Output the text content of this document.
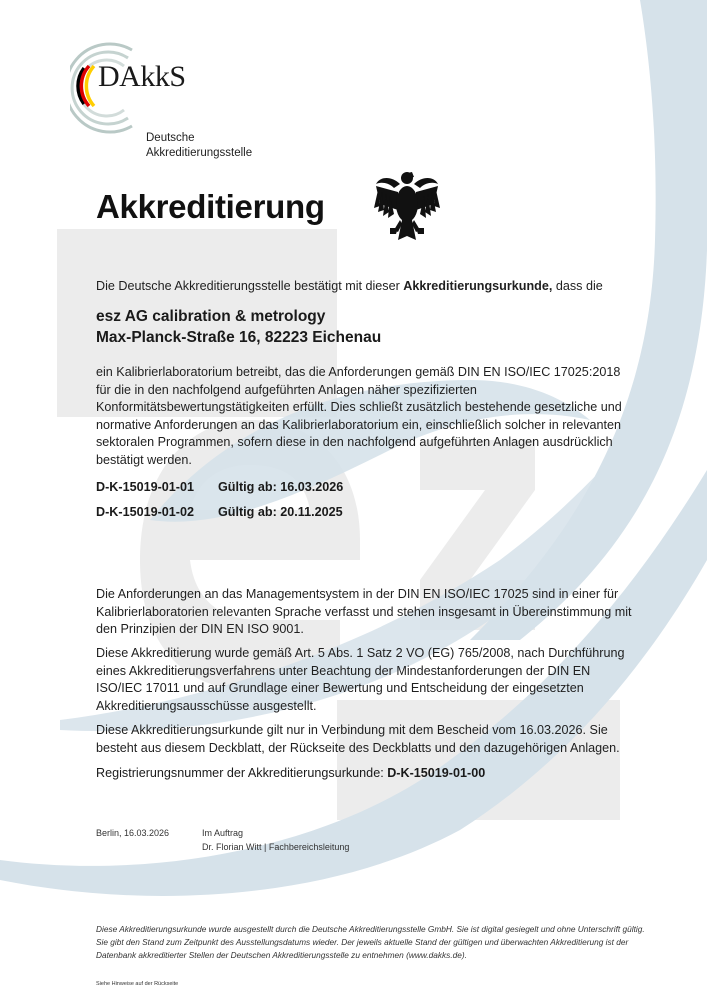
DAkkS
Deutsche
Akkreditierungsstelle
Akkreditierung
Die Deutsche Akkreditierungsstelle bestätigt mit dieser Akkreditierungsurkunde, dass die
esz AG calibration & metrology
Max-Planck-Straße 16, 82223 Eichenau
ein Kalibrierlaboratorium betreibt, das die Anforderungen gemäß DIN EN ISO/IEC 17025:2018 für die in den nachfolgend aufgeführten Anlagen näher spezifizierten Konformitätsbewertungstätigkeiten erfüllt. Dies schließt zusätzlich bestehende gesetzliche und normative Anforderungen an das Kalibrierlaboratorium ein, einschließlich solcher in relevanten sektoralen Programmen, sofern diese in den nachfolgend aufgeführten Anlagen ausdrücklich bestätigt werden.
D-K-15019-01-01	Gültig ab: 16.03.2026
D-K-15019-01-02	Gültig ab: 20.11.2025
Die Anforderungen an das Managementsystem in der DIN EN ISO/IEC 17025 sind in einer für Kalibrierlaboratorien relevanten Sprache verfasst und stehen insgesamt in Übereinstimmung mit den Prinzipien der DIN EN ISO 9001.
Diese Akkreditierung wurde gemäß Art. 5 Abs. 1 Satz 2 VO (EG) 765/2008, nach Durchführung eines Akkreditierungsverfahrens unter Beachtung der Mindestanforderungen der DIN EN ISO/IEC 17011 und auf Grundlage einer Bewertung und Entscheidung der eingesetzten Akkreditierungsausschüsse ausgestellt.
Diese Akkreditierungsurkunde gilt nur in Verbindung mit dem Bescheid vom 16.03.2026. Sie besteht aus diesem Deckblatt, der Rückseite des Deckblatts und den dazugehörigen Anlagen.
Registrierungsnummer der Akkreditierungsurkunde: D-K-15019-01-00
Berlin, 16.03.2026	Im Auftrag
Dr. Florian Witt | Fachbereichsleitung
Diese Akkreditierungsurkunde wurde ausgestellt durch die Deutsche Akkreditierungsstelle GmbH. Sie ist digital gesiegelt und ohne Unterschrift gültig. Sie gibt den Stand zum Zeitpunkt des Ausstellungsdatums wieder. Der jeweils aktuelle Stand der gültigen und überwachten Akkreditierung ist der Datenbank akkreditierter Stellen der Deutschen Akkreditierungsstelle zu entnehmen (www.dakks.de).
Siehe Hinweise auf der Rückseite
